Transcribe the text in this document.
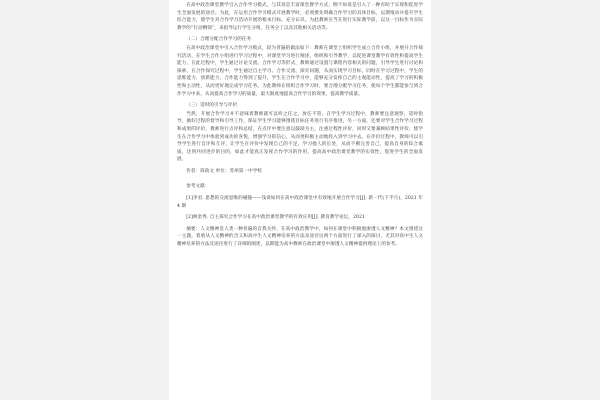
在高中政治课堂教学引入合作学习模式，与其说是丰富课堂教学方式，倒不如说是引入了一种有助于实现和促进学生全面发展的途径。为此，在运用合作学习模式开展教学时，必须要先明确合作学习的具体目标，以期推动并提升学生综合能力，使学生对合作学习活动开展的根本目标，充分认识。为此教师应当在进行实际教学前，以这一目标作为实际教学的“行动纲领”，来指导运行学生分组，任务分工以及其他相关活动等。

（二）合理分配合作学习的任务

在高中政治课堂中引入合作学习模式，较为普遍的做法如下：教师在课堂上组织学生成立合作小组，并展开合作探究活动，在学生合作小组进行学习过程中，对课堂学习进行阐述、组织和引导教学，以促进课堂教学有效性和提高学生能力，在此过程中，学生通过讨论交流、合作学习等形式，教师通过设置与课程内容相关的问题，引导学生进行讨论和探索，在合作探究过程中，学生通过自主学习、合作交流、探究问题，从而实现学习目标，同时在学习过程中，学生的思维能力、创新能力、合作能力得到了提升，学生在合作学习中，能够充分发挥自己的主观能动性，提高了学习的积极性和主动性，从而更好地完成学习任务，为此教师在组织合作学习时，要合理分配学习任务，使每个学生都能参与到合作学习中来，从而提高合作学习的质量，最大限度地提高合作学习的效果，提高教学质量。

（三）适时的引导与评价

当然，开展合作学习并不意味着教师就可以听之任之，放任不管。在学生学习过程中，教师要注意观察，适时指导，做好过程的督导和引导工作，保证学生学习能够围绕目标任务进行有序推进，另一方面，还要对学生合作学习过程和成果的评价，教师进行点评和总结，在点评中要注意以鼓励为主，注重过程性评价，同时又要兼顾结果性评价，使学生在合作学习中体验到成功的喜悦，增强学习的信心，从而更积极主动地投入到学习中去。在评价过程中，教师可以引导学生进行自评和互评，让学生在评价中发现自己的不足，学习他人的长处，从而不断完善自己，提高自身的综合素质，达到共同进步的目的，如此才能真正发挥合作学习的作用，提高高中政治课堂教学的实效性，促进学生的全面发展。

作者：简政文 单位：苏州第一中学校

参考文献：

[1]李君. 思想的交流思维的碰撞——浅谈如何在高中政治课堂中有效地开展合作学习[J]. 新一代(下半月)，2021 年 4 期

[2]林金秀. 自主探究合作学习在高中政治课堂教学的有效应用[J]. 教育教学论坛，2021

摘要：人文精神是人类一种普遍的自我关怀，在高中政治教学中，如何在课堂中积极地渗透人文精神？本文围绕这一主题，着重从人文精神的含义和高中生人文精神培养的方法及途径这两个方面进行了深入的探讨，尤其对高中生人文精神培养的方法及途径进行了详细的阐述，以期能为高中教师在政治课堂中渗透人文精神提供理论上的参考。
